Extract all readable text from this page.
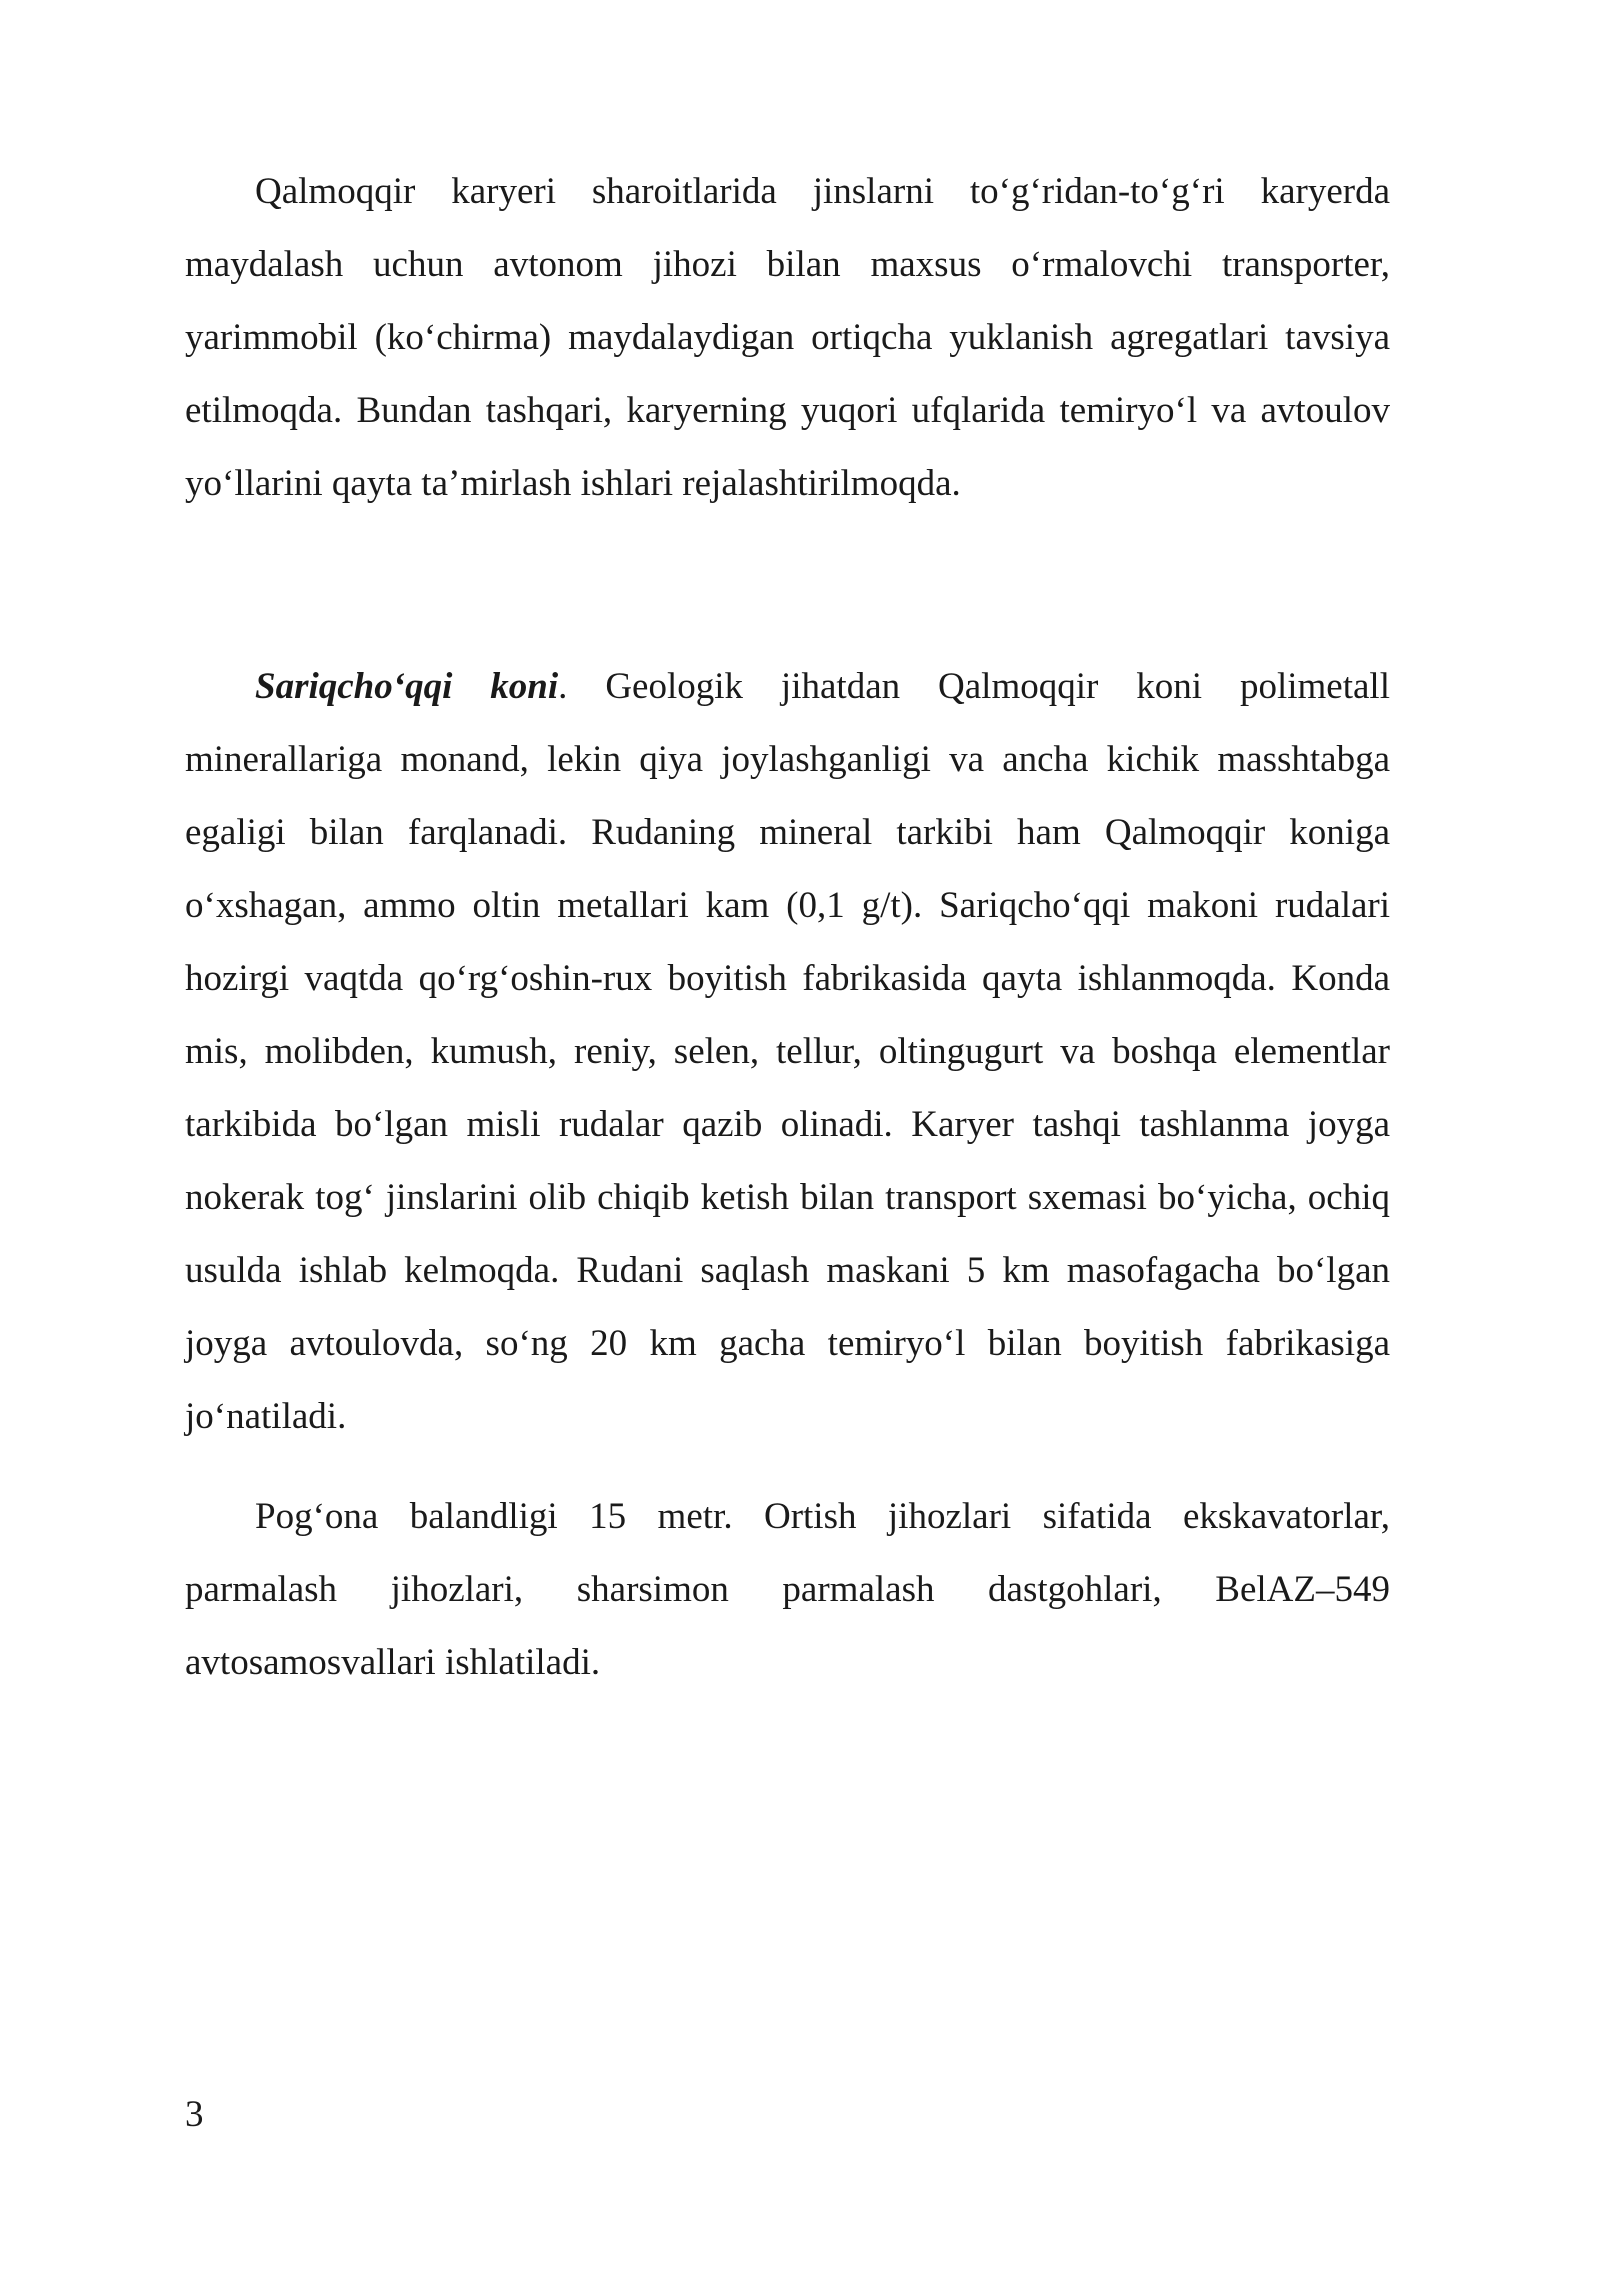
Qalmoqqir karyeri sharoitlarida jinslarni to‘g‘ridan-to‘g‘ri karyerda maydalash uchun avtonom jihozi bilan maxsus o‘rmalovchi transporter, yarimmobil (ko‘chirma) maydalaydigan ortiqcha yuklanish agregatlari tavsiya etilmoqda. Bundan tashqari, karyerning yuqori ufqlarida temiryo‘l va avtoulov yo‘llarini qayta ta’mirlash ishlari rejalashtirilmoqda.

Sariqcho‘qqi koni. Geologik jihatdan Qalmoqqir koni polimetall minerallariga monand, lekin qiya joylashganligi va ancha kichik masshtabga egaligi bilan farqlanadi. Rudaning mineral tarkibi ham Qalmoqqir koniga o‘xshagan, ammo oltin metallari kam (0,1 g/t). Sariqcho‘qqi makoni rudalari hozirgi vaqtda qo‘rg‘oshin-rux boyitish fabrikasida qayta ishlanmoqda. Konda mis, molibden, kumush, reniy, selen, tellur, oltingugurt va boshqa elementlar tarkibida bo‘lgan misli rudalar qazib olinadi. Karyer tashqi tashlanma joyga nokerak tog‘ jinslarini olib chiqib ketish bilan transport sxemasi bo‘yicha, ochiq usulda ishlab kelmoqda. Rudani saqlash maskani 5 km masofagacha bo‘lgan joyga avtoulovda, so‘ng 20 km gacha temiryo‘l bilan boyitish fabrikasiga jo‘natiladi.

Pog‘ona balandligi 15 metr. Ortish jihozlari sifatida ekskavatorlar, parmalash jihozlari, sharsimon parmalash dastgohlari, BelAZ–549 avtosamosvallari ishlatiladi.

3
